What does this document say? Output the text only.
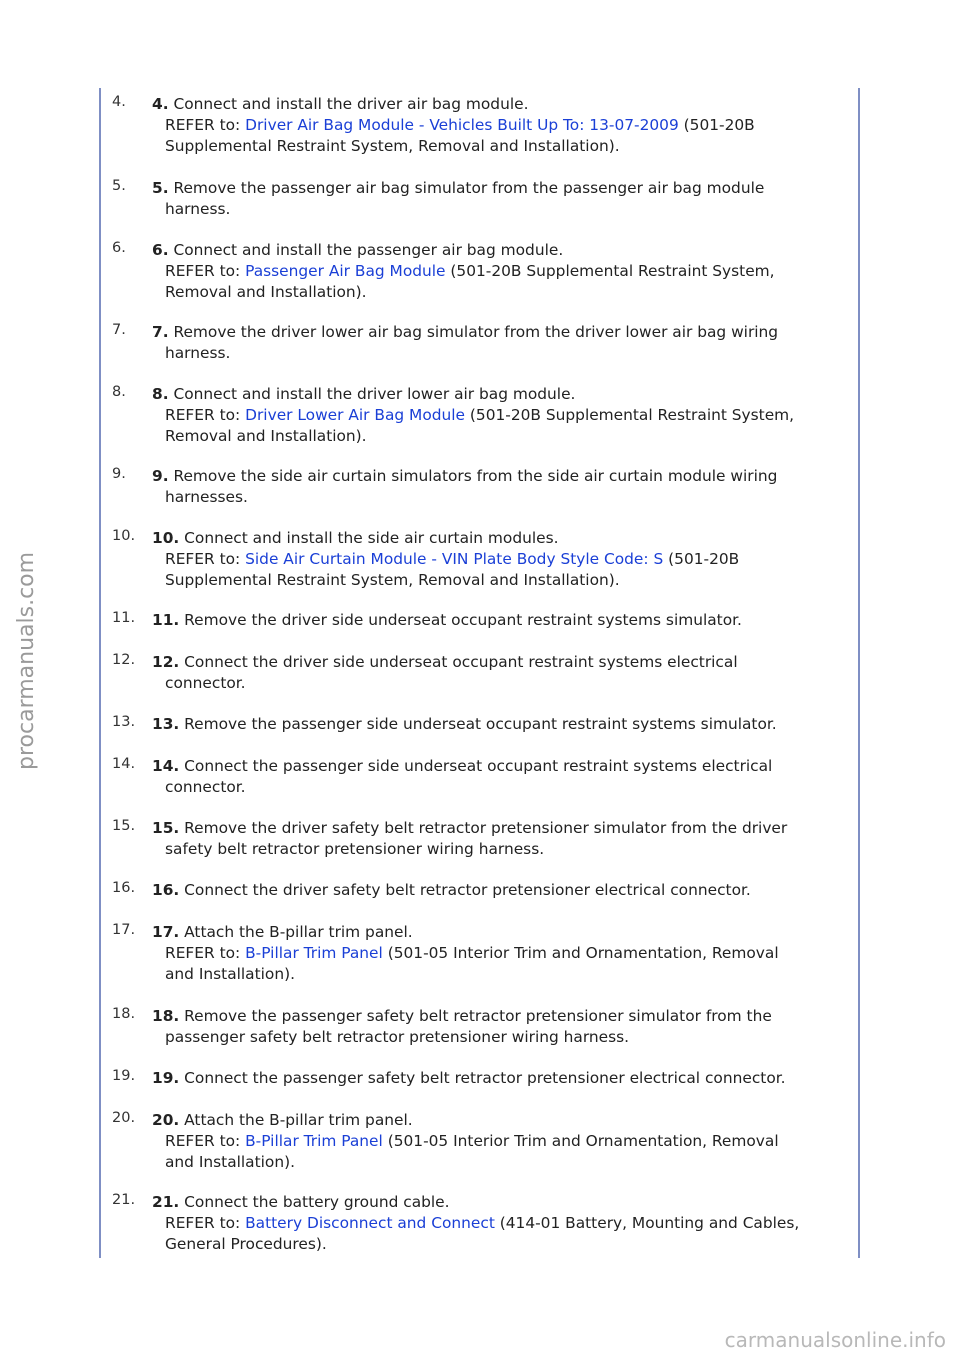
procarmanuals.com
carmanualsonline.info
4.	4. Connect and install the driver air bag module.
REFER to: Driver Air Bag Module - Vehicles Built Up To: 13-07-2009 (501-20B
Supplemental Restraint System, Removal and Installation).
5.	5. Remove the passenger air bag simulator from the passenger air bag module
harness.
6.	6. Connect and install the passenger air bag module.
REFER to: Passenger Air Bag Module (501-20B Supplemental Restraint System,
Removal and Installation).
7.	7. Remove the driver lower air bag simulator from the driver lower air bag wiring
harness.
8.	8. Connect and install the driver lower air bag module.
REFER to: Driver Lower Air Bag Module (501-20B Supplemental Restraint System,
Removal and Installation).
9.	9. Remove the side air curtain simulators from the side air curtain module wiring
harnesses.
10.	10. Connect and install the side air curtain modules.
REFER to: Side Air Curtain Module - VIN Plate Body Style Code: S (501-20B
Supplemental Restraint System, Removal and Installation).
11.	11. Remove the driver side underseat occupant restraint systems simulator.
12.	12. Connect the driver side underseat occupant restraint systems electrical
connector.
13.	13. Remove the passenger side underseat occupant restraint systems simulator.
14.	14. Connect the passenger side underseat occupant restraint systems electrical
connector.
15.	15. Remove the driver safety belt retractor pretensioner simulator from the driver
safety belt retractor pretensioner wiring harness.
16.	16. Connect the driver safety belt retractor pretensioner electrical connector.
17.	17. Attach the B-pillar trim panel.
REFER to: B-Pillar Trim Panel (501-05 Interior Trim and Ornamentation, Removal
and Installation).
18.	18. Remove the passenger safety belt retractor pretensioner simulator from the
passenger safety belt retractor pretensioner wiring harness.
19.	19. Connect the passenger safety belt retractor pretensioner electrical connector.
20.	20. Attach the B-pillar trim panel.
REFER to: B-Pillar Trim Panel (501-05 Interior Trim and Ornamentation, Removal
and Installation).
21.	21. Connect the battery ground cable.
REFER to: Battery Disconnect and Connect (414-01 Battery, Mounting and Cables,
General Procedures).
